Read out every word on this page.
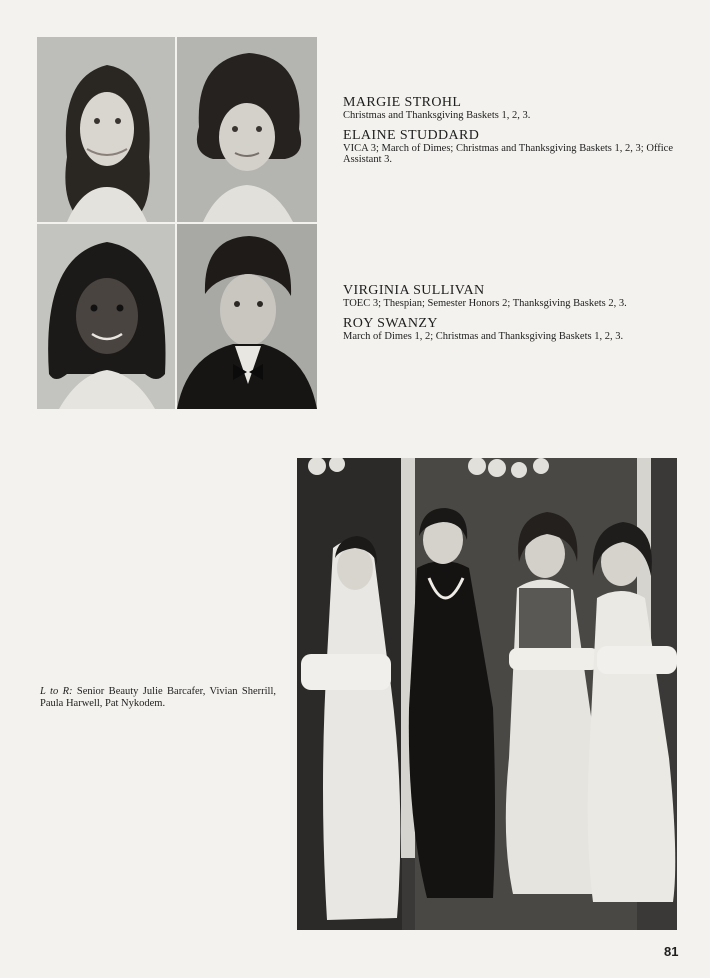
MARGIE STROHL

Christmas and Thanksgiving Baskets 1, 2, 3.

ELAINE STUDDARD

VICA 3; March of Dimes; Christmas and Thanksgiving Baskets 1, 2, 3; Office Assistant 3.

VIRGINIA SULLIVAN

TOEC 3; Thespian; Semester Honors 2; Thanksgiving Baskets 2, 3.

ROY SWANZY

March of Dimes 1, 2; Christmas and Thanksgiving Baskets 1, 2, 3.

L to R: Senior Beauty Julie Barcafer, Vivian Sherrill, Paula Harwell, Pat Nykodem.

81
